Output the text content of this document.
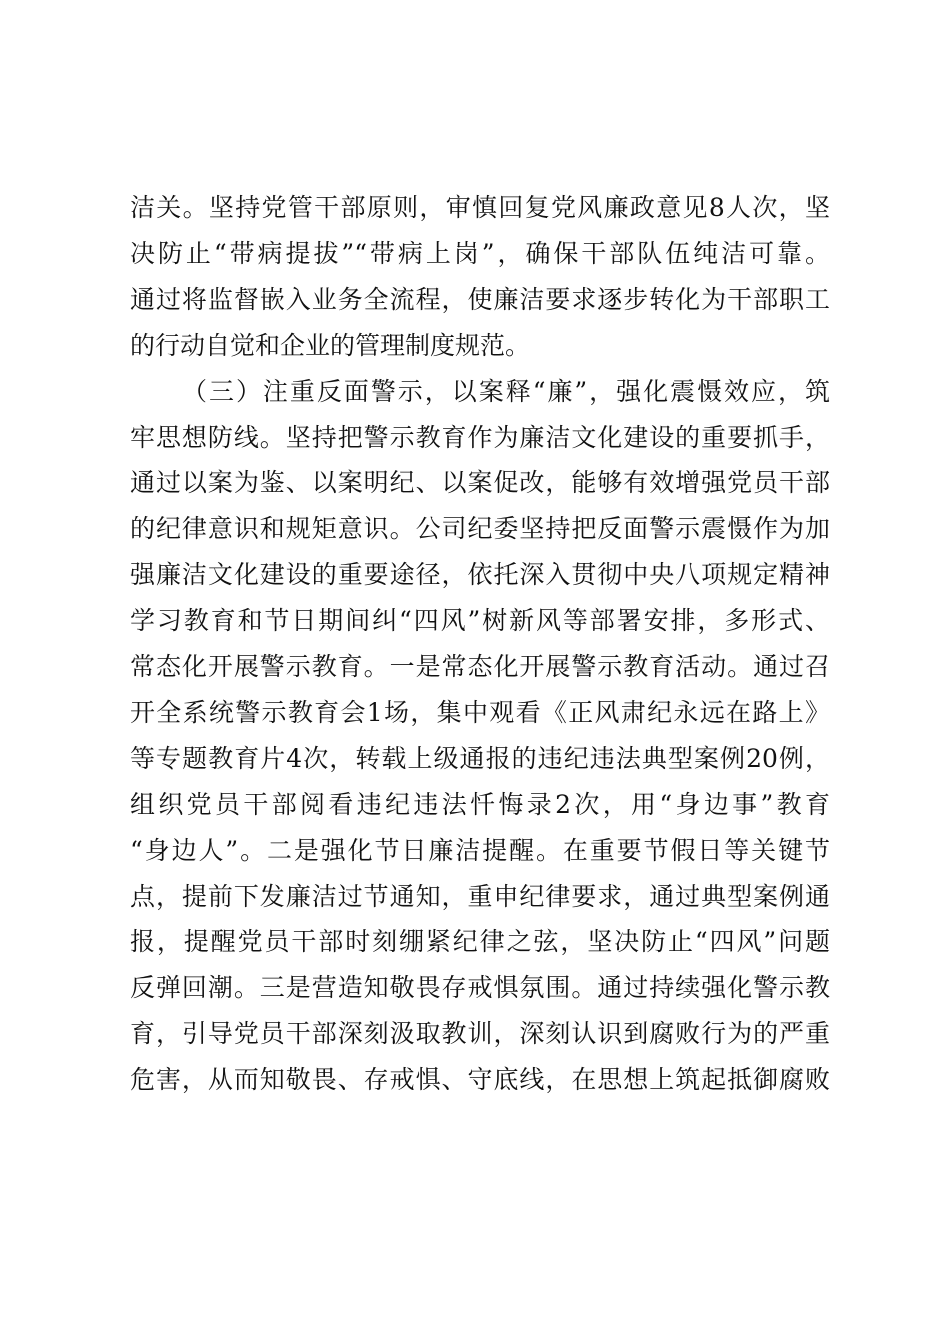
洁关。坚持党管干部原则，审慎回复党风廉政意见8人次，坚
决防止“带病提拔”“带病上岗”，确保干部队伍纯洁可靠。
通过将监督嵌入业务全流程，使廉洁要求逐步转化为干部职工
的行动自觉和企业的管理制度规范。
（三）注重反面警示，以案释“廉”，强化震慑效应，筑
牢思想防线。坚持把警示教育作为廉洁文化建设的重要抓手，
通过以案为鉴、以案明纪、以案促改，能够有效增强党员干部
的纪律意识和规矩意识。公司纪委坚持把反面警示震慑作为加
强廉洁文化建设的重要途径，依托深入贯彻中央八项规定精神
学习教育和节日期间纠“四风”树新风等部署安排，多形式、
常态化开展警示教育。一是常态化开展警示教育活动。通过召
开全系统警示教育会1场，集中观看《正风肃纪永远在路上》
等专题教育片4次，转载上级通报的违纪违法典型案例20例，
组织党员干部阅看违纪违法忏悔录2次，用“身边事”教育
“身边人”。二是强化节日廉洁提醒。在重要节假日等关键节
点，提前下发廉洁过节通知，重申纪律要求，通过典型案例通
报，提醒党员干部时刻绷紧纪律之弦，坚决防止“四风”问题
反弹回潮。三是营造知敬畏存戒惧氛围。通过持续强化警示教
育，引导党员干部深刻汲取教训，深刻认识到腐败行为的严重
危害，从而知敬畏、存戒惧、守底线，在思想上筑起抵御腐败
